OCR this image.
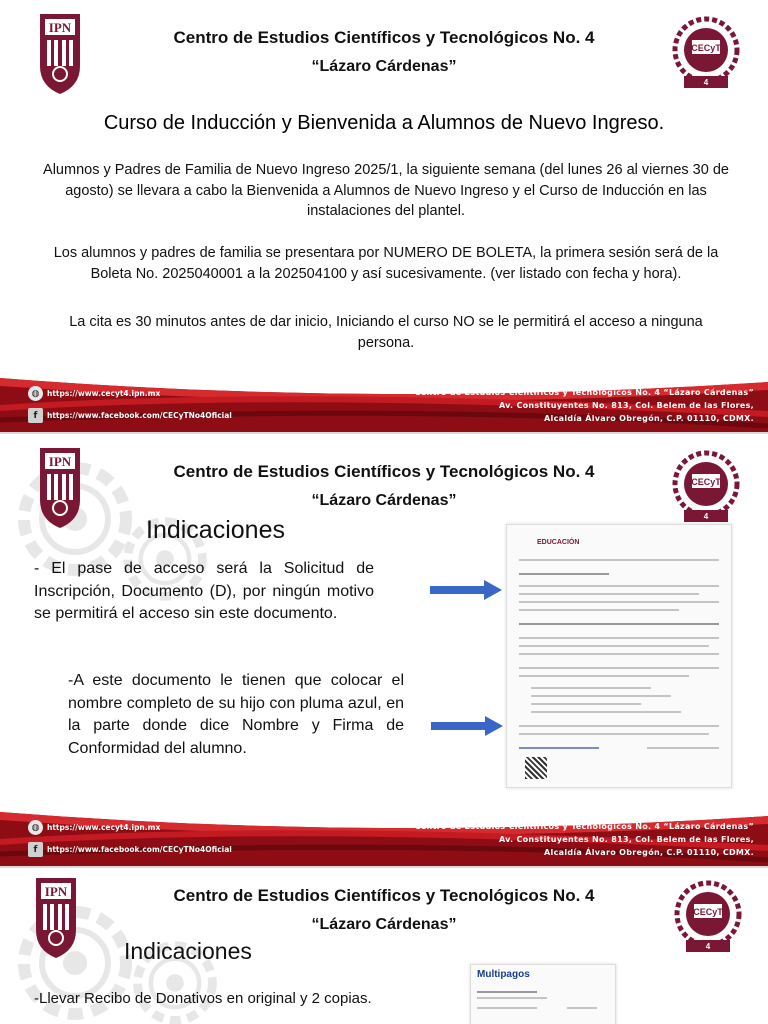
Centro de Estudios Científicos y Tecnológicos No. 4
“Lázaro Cárdenas”
Curso de Inducción y Bienvenida a Alumnos de Nuevo Ingreso.
Alumnos y Padres de Familia de Nuevo Ingreso 2025/1, la siguiente semana (del lunes 26 al viernes 30 de agosto) se llevara a cabo la Bienvenida a Alumnos de Nuevo Ingreso y el Curso de Inducción en las instalaciones del plantel.
Los alumnos y padres de familia se presentara por NUMERO DE BOLETA, la primera sesión será de la Boleta No. 2025040001 a la 202504100 y así sucesivamente. (ver listado con fecha y hora).
La cita es 30 minutos antes de dar inicio, Iniciando el curso NO se le permitirá el acceso a ninguna persona.
◍	https://www.cecyt4.ipn.mx
f	https://www.facebook.com/CECyTNo4Oficial
Centro de Estudios Científicos y Tecnológicos No. 4 “Lázaro Cárdenas”
Av. Constituyentes No. 813, Col. Belem de las Flores,
Alcaldía Álvaro Obregón, C.P. 01110, CDMX.
Centro de Estudios Científicos y Tecnológicos No. 4
“Lázaro Cárdenas”
Indicaciones
- El pase de acceso será la Solicitud de Inscripción, Documento (D), por ningún motivo se permitirá el acceso sin este documento.
-A este documento le tienen que colocar el nombre completo de su hijo con pluma azul, en la parte donde dice Nombre y Firma de Conformidad del alumno.
EDUCACIÓN
◍	https://www.cecyt4.ipn.mx
f	https://www.facebook.com/CECyTNo4Oficial
Centro de Estudios Científicos y Tecnológicos No. 4 “Lázaro Cárdenas”
Av. Constituyentes No. 813, Col. Belem de las Flores,
Alcaldía Álvaro Obregón, C.P. 01110, CDMX.
Centro de Estudios Científicos y Tecnológicos No. 4
“Lázaro Cárdenas”
Indicaciones
-Llevar Recibo de Donativos en original y 2 copias.
Multipagos
